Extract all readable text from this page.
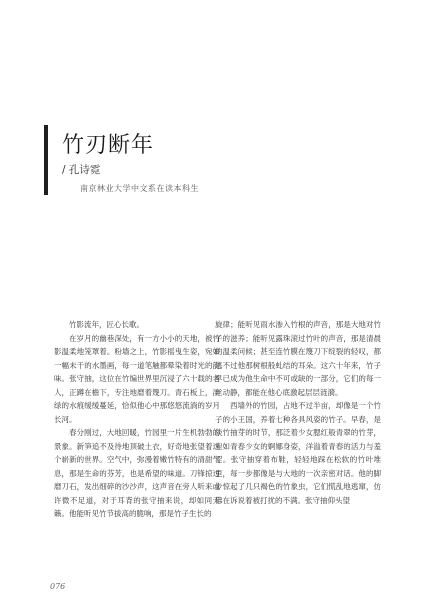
竹刃断年
/ 孔诗霓
南京林业大学中文系在读本科生

竹影流年，匠心长歌。

在岁月的幽巷深处，有一方小小的天地，被竹影温柔地笼罩着。粉墙之上，竹影摇曳生姿，宛如一幅未干的水墨画，每一道笔触都晕染着时光的韵味。张守抽，这位在竹编世界里沉浸了六十载的老人，正蹲在檐下，专注地磨着篾刀。青石板上，淡绿的水痕缓缓蔓延，恰似他心中那悠悠流淌的岁月长河。

春分刚过，大地回暖，竹园里一片生机勃勃的景象。新笋追不及待地顶破土衣，好奇地张望着这个崭新的世界。空气中，弥漫着嫩竹特有的清甜气息，那是生命的芬芳，也是希望的味道。刀锋掠过磨刀石，发出细碎的沙沙声，这声音在旁人听来或许微不足道，对于耳背的张守抽来说，却如同天籁。他能听见竹节拔高的脆响，那是竹子生长的

旋律；能听见雨水渗入竹根的声音，那是大地对竹子的滋养；能听见露珠滚过竹叶的声音，那是清晨的温柔问候；甚至连竹膜在篾刀下绽裂的轻叹，都逃不过他那树根般虬结的耳朵。这六十年来，竹子早已成为他生命中不可或缺的一部分，它们的每一丝动静，都能在他心底激起层层涟漪。

西墙外的竹园，占地不过半亩，却像是一个竹子的小王国，养着七种各具风姿的竹子。早春，是淡竹抽芽的时节，那泛着少女腮红般青翠的竹芽，宛如青春少女的婀娜身姿，洋溢着青春的活力与羞涩。张守抽穿着布鞋，轻轻地踩在松软的竹叶堆里，每一步都像是与大地的一次亲密对话。他的脚步惊起了几只褐色的竹象虫，它们慌乱地逃窜，仿佛在诉说着被打扰的不满。张守抽仰头望

076
